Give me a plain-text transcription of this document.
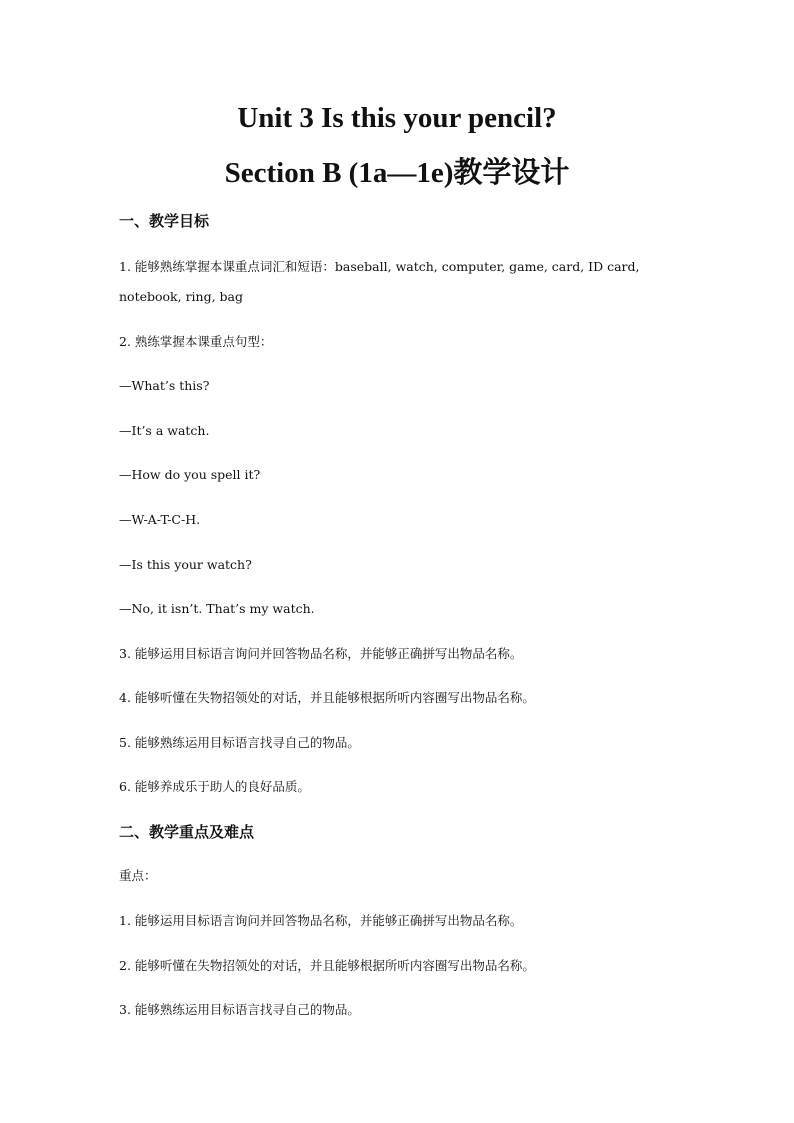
Unit 3 Is this your pencil?
Section B (1a—1e)教学设计
一、教学目标
1. 能够熟练掌握本课重点词汇和短语：baseball, watch, computer, game, card, ID card,
notebook, ring, bag
2. 熟练掌握本课重点句型：
—What’s this?
—It’s a watch.
—How do you spell it?
—W-A-T-C-H.
—Is this your watch?
—No, it isn’t. That’s my watch.
3. 能够运用目标语言询问并回答物品名称，并能够正确拼写出物品名称。
4. 能够听懂在失物招领处的对话，并且能够根据所听内容圈写出物品名称。
5. 能够熟练运用目标语言找寻自己的物品。
6. 能够养成乐于助人的良好品质。
二、教学重点及难点
重点：
1. 能够运用目标语言询问并回答物品名称，并能够正确拼写出物品名称。
2. 能够听懂在失物招领处的对话，并且能够根据所听内容圈写出物品名称。
3. 能够熟练运用目标语言找寻自己的物品。
